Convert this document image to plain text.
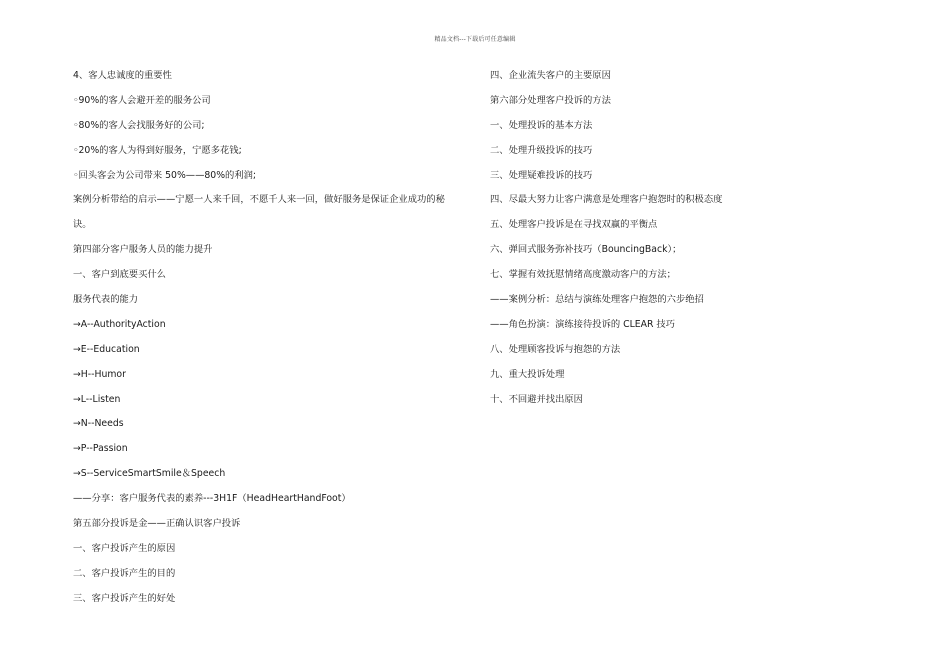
精品文档---下载后可任意编辑
4、客人忠诚度的重要性
◦90%的客人会避开差的服务公司
◦80%的客人会找服务好的公司;
◦20%的客人为得到好服务，宁愿多花钱;
◦回头客会为公司带来 50%——80%的利润;
案例分析带给的启示——宁愿一人来千回，不愿千人来一回，做好服务是保证企业成功的秘
诀。
第四部分客户服务人员的能力提升
一、客户到底要买什么
服务代表的能力
→A--AuthorityAction
→E--Education
→H--Humor
→L--Listen
→N--Needs
→P--Passion
→S--ServiceSmartSmile＆Speech
——分享：客户服务代表的素养---3H1F（HeadHeartHandFoot）
第五部分投诉是金——正确认识客户投诉
一、客户投诉产生的原因
二、客户投诉产生的目的
三、客户投诉产生的好处
四、企业流失客户的主要原因
第六部分处理客户投诉的方法
一、处理投诉的基本方法
二、处理升级投诉的技巧
三、处理疑难投诉的技巧
四、尽最大努力让客户满意是处理客户抱怨时的积极态度
五、处理客户投诉是在寻找双赢的平衡点
六、弹回式服务弥补技巧（BouncingBack）；
七、掌握有效抚慰情绪高度激动客户的方法；
——案例分析：总结与演练处理客户抱怨的六步绝招
——角色扮演：演练接待投诉的 CLEAR 技巧
八、处理顾客投诉与抱怨的方法
九、重大投诉处理
十、不回避并找出原因
